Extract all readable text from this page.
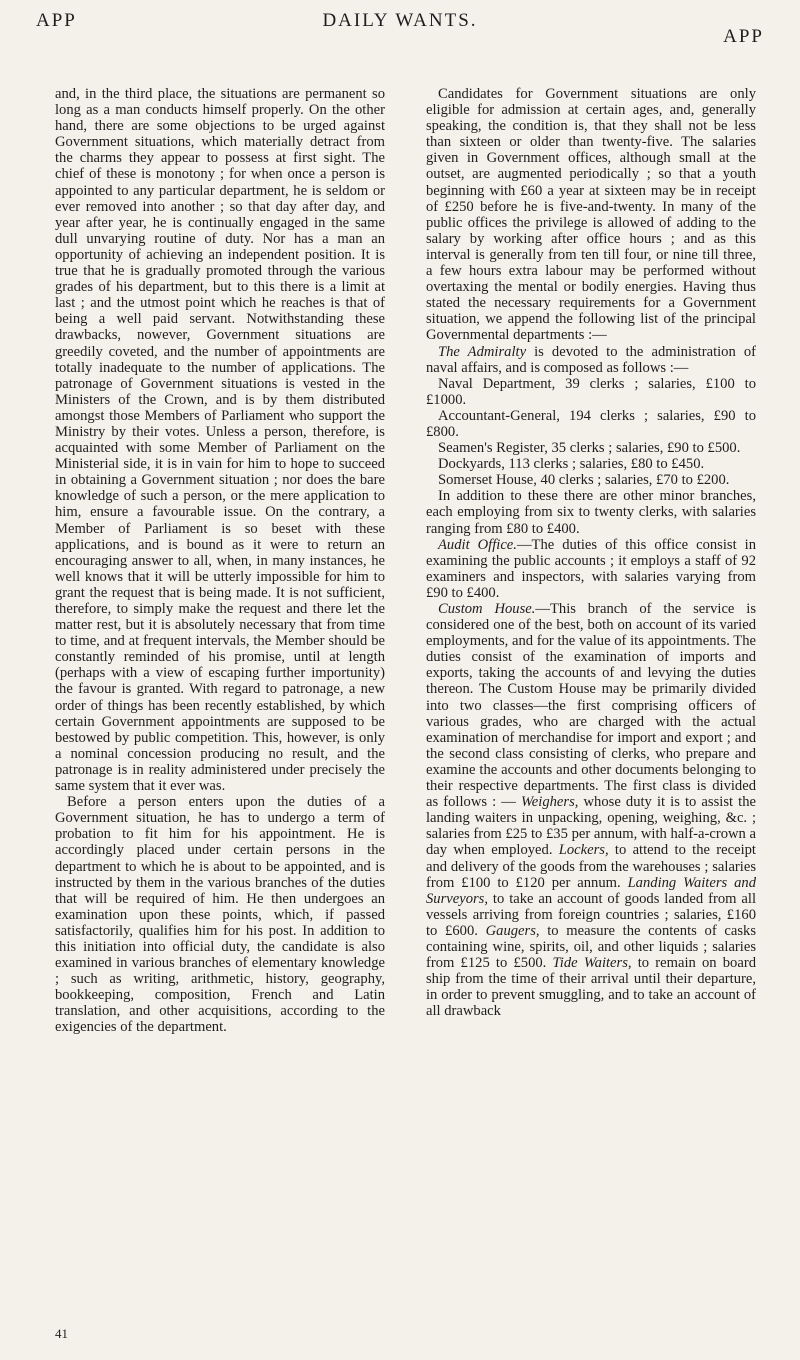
APP	DAILY WANTS.
APP

and, in the third place, the situations are permanent so long as a man conducts himself properly. On the other hand, there are some objections to be urged against Government situations, which materially detract from the charms they appear to possess at first sight. The chief of these is monotony ; for when once a person is appointed to any particular department, he is seldom or ever removed into another ; so that day after day, and year after year, he is continually engaged in the same dull unvarying routine of duty. Nor has a man an opportunity of achieving an independent position. It is true that he is gradually promoted through the various grades of his department, but to this there is a limit at last ; and the utmost point which he reaches is that of being a well paid servant. Notwithstanding these drawbacks, nowever, Government situations are greedily coveted, and the number of appointments are totally inadequate to the number of applications. The patronage of Government situations is vested in the Ministers of the Crown, and is by them distributed amongst those Members of Parliament who support the Ministry by their votes. Unless a person, therefore, is acquainted with some Member of Parliament on the Ministerial side, it is in vain for him to hope to succeed in obtaining a Government situation ; nor does the bare knowledge of such a person, or the mere application to him, ensure a favourable issue. On the contrary, a Member of Parliament is so beset with these applications, and is bound as it were to return an encouraging answer to all, when, in many instances, he well knows that it will be utterly impossible for him to grant the request that is being made. It is not sufficient, therefore, to simply make the request and there let the matter rest, but it is absolutely necessary that from time to time, and at frequent intervals, the Member should be constantly reminded of his promise, until at length (perhaps with a view of escaping further importunity) the favour is granted. With regard to patronage, a new order of things has been recently established, by which certain Government appointments are supposed to be bestowed by public competition. This, however, is only a nominal concession producing no result, and the patronage is in reality administered under precisely the same system that it ever was.

Before a person enters upon the duties of a Government situation, he has to undergo a term of probation to fit him for his appointment. He is accordingly placed under certain persons in the department to which he is about to be appointed, and is instructed by them in the various branches of the duties that will be required of him. He then undergoes an examination upon these points, which, if passed satisfactorily, qualifies him for his post. In addition to this initiation into official duty, the candidate is also examined in various branches of elementary knowledge ; such as writing, arithmetic, history, geography, bookkeeping, composition, French and Latin translation, and other acquisitions, according to the exigencies of the department.

41

Candidates for Government situations are only eligible for admission at certain ages, and, generally speaking, the condition is, that they shall not be less than sixteen or older than twenty-five. The salaries given in Government offices, although small at the outset, are augmented periodically ; so that a youth beginning with £60 a year at sixteen may be in receipt of £250 before he is five-and-twenty. In many of the public offices the privilege is allowed of adding to the salary by working after office hours ; and as this interval is generally from ten till four, or nine till three, a few hours extra labour may be performed without overtaxing the mental or bodily energies. Having thus stated the necessary requirements for a Government situation, we append the following list of the principal Governmental departments :—

The Admiralty is devoted to the administration of naval affairs, and is composed as follows :—

Naval Department, 39 clerks ; salaries, £100 to £1000.

Accountant-General, 194 clerks ; salaries, £90 to £800.

Seamen's Register, 35 clerks ; salaries, £90 to £500.

Dockyards, 113 clerks ; salaries, £80 to £450.

Somerset House, 40 clerks ; salaries, £70 to £200.

In addition to these there are other minor branches, each employing from six to twenty clerks, with salaries ranging from £80 to £400.

Audit Office.—The duties of this office consist in examining the public accounts ; it employs a staff of 92 examiners and inspectors, with salaries varying from £90 to £400.

Custom House.—This branch of the service is considered one of the best, both on account of its varied employments, and for the value of its appointments. The duties consist of the examination of imports and exports, taking the accounts of and levying the duties thereon. The Custom House may be primarily divided into two classes—the first comprising officers of various grades, who are charged with the actual examination of merchandise for import and export ; and the second class consisting of clerks, who prepare and examine the accounts and other documents belonging to their respective departments. The first class is divided as follows : — Weighers, whose duty it is to assist the landing waiters in unpacking, opening, weighing, &c. ; salaries from £25 to £35 per annum, with half-a-crown a day when employed. Lockers, to attend to the receipt and delivery of the goods from the warehouses ; salaries from £100 to £120 per annum. Landing Waiters and Surveyors, to take an account of goods landed from all vessels arriving from foreign countries ; salaries, £160 to £600. Gaugers, to measure the contents of casks containing wine, spirits, oil, and other liquids ; salaries from £125 to £500. Tide Waiters, to remain on board ship from the time of their arrival until their departure, in order to prevent smuggling, and to take an account of all drawback
